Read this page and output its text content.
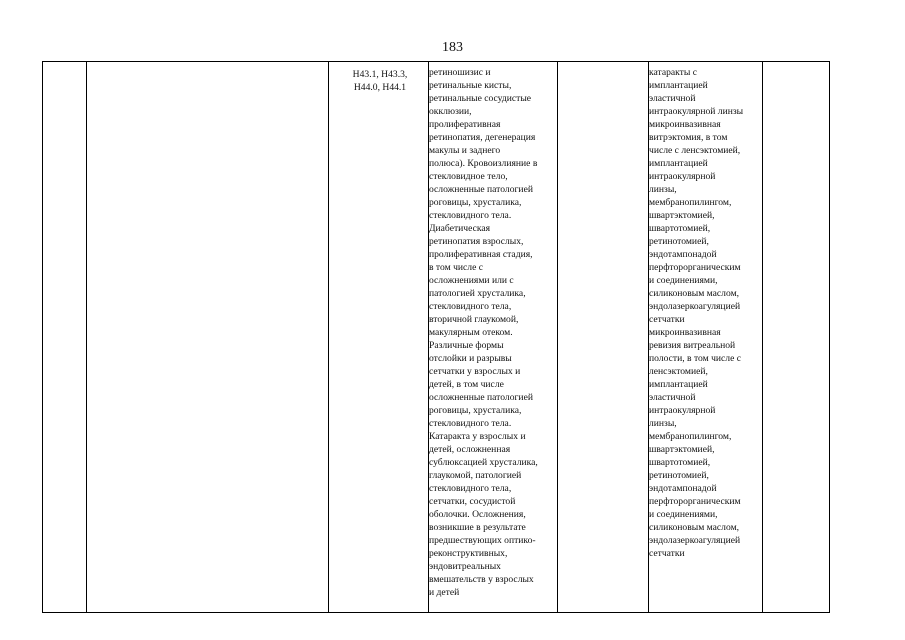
183
H43.1, H43.3,
H44.0, H44.1
ретиношизис и
ретинальные кисты,
ретинальные сосудистые
окклюзии,
пролиферативная
ретинопатия, дегенерация
макулы и заднего
полюса). Кровоизлияние в
стекловидное тело,
осложненные патологией
роговицы, хрусталика,
стекловидного тела.
Диабетическая
ретинопатия взрослых,
пролиферативная стадия,
в том числе с
осложнениями или с
патологией хрусталика,
стекловидного тела,
вторичной глаукомой,
макулярным отеком.
Различные формы
отслойки и разрывы
сетчатки у взрослых и
детей, в том числе
осложненные патологией
роговицы, хрусталика,
стекловидного тела.
Катаракта у взрослых и
детей, осложненная
сублюксацией хрусталика,
глаукомой, патологией
стекловидного тела,
сетчатки, сосудистой
оболочки. Осложнения,
возникшие в результате
предшествующих оптико-
реконструктивных,
эндовитреальных
вмешательств у взрослых
и детей
катаракты с
имплантацией
эластичной
интраокулярной линзы
микроинвазивная
витрэктомия, в том
числе с ленсэктомией,
имплантацией
интраокулярной
линзы,
мембранопилингом,
швартэктомией,
швартотомией,
ретинотомией,
эндотампонадой
перфторорганическим
и соединениями,
силиконовым маслом,
эндолазеркоагуляцией
сетчатки
микроинвазивная
ревизия витреальной
полости, в том числе с
ленсэктомией,
имплантацией
эластичной
интраокулярной
линзы,
мембранопилингом,
швартэктомией,
швартотомией,
ретинотомией,
эндотампонадой
перфторорганическим
и соединениями,
силиконовым маслом,
эндолазеркоагуляцией
сетчатки
